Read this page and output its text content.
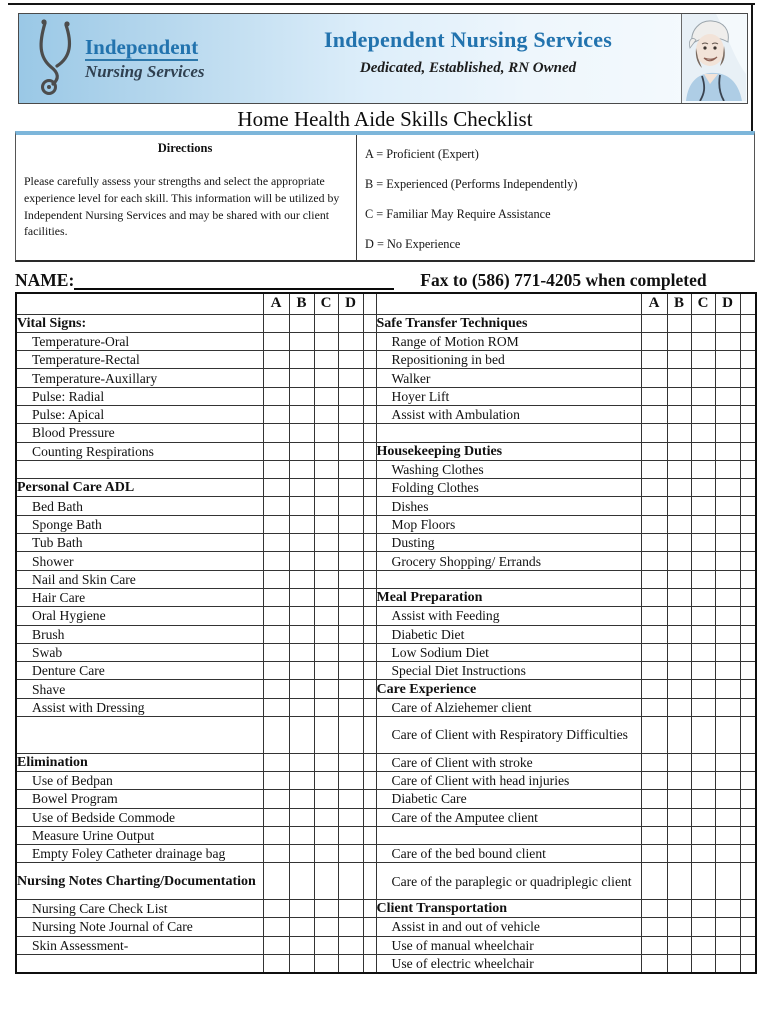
Independent
Nursing Services
Independent Nursing Services
Dedicated, Established, RN Owned
Home Health Aide Skills Checklist
Directions

Please carefully assess your strengths and select the appropriate experience level for each skill. This information will be utilized by Independent Nursing Services and may be shared with our client facilities.

A = Proficient (Expert)
B = Experienced (Performs Independently)
C = Familiar May Require Assistance
D = No Experience
NAME:	Fax to (586) 771-4205 when completed
	A	B	C	D			A	B	C	D	
Vital Signs:						Safe Transfer Techniques					
Temperature-Oral						Range of Motion ROM					
Temperature-Rectal						Repositioning in bed					
Temperature-Auxillary						Walker					
Pulse: Radial						Hoyer Lift					
Pulse: Apical						Assist with Ambulation					
Blood Pressure											
Counting Respirations						Housekeeping Duties					
						Washing Clothes					
Personal Care ADL						Folding Clothes					
Bed Bath						Dishes					
Sponge Bath						Mop Floors					
Tub Bath						Dusting					
Shower						Grocery Shopping/ Errands					
Nail and Skin Care											
Hair Care						Meal Preparation					
Oral Hygiene						Assist with Feeding					
Brush						Diabetic Diet					
Swab						Low Sodium Diet					
Denture Care						Special Diet Instructions					
Shave						Care Experience					
Assist with Dressing						Care of Alziehemer client					
						Care of Client with Respiratory Difficulties					
Elimination						Care of Client with stroke					
Use of Bedpan						Care of Client with head injuries					
Bowel Program						Diabetic Care					
Use of Bedside Commode						Care of the Amputee client					
Measure Urine Output											
Empty Foley Catheter drainage bag						Care of the bed bound client					
Nursing Notes Charting/Documentation						Care of the paraplegic or quadriplegic client					
Nursing Care Check List						Client Transportation					
Nursing Note Journal of Care						Assist in and out of vehicle					
Skin Assessment-						Use of manual wheelchair					
						Use of electric wheelchair					
